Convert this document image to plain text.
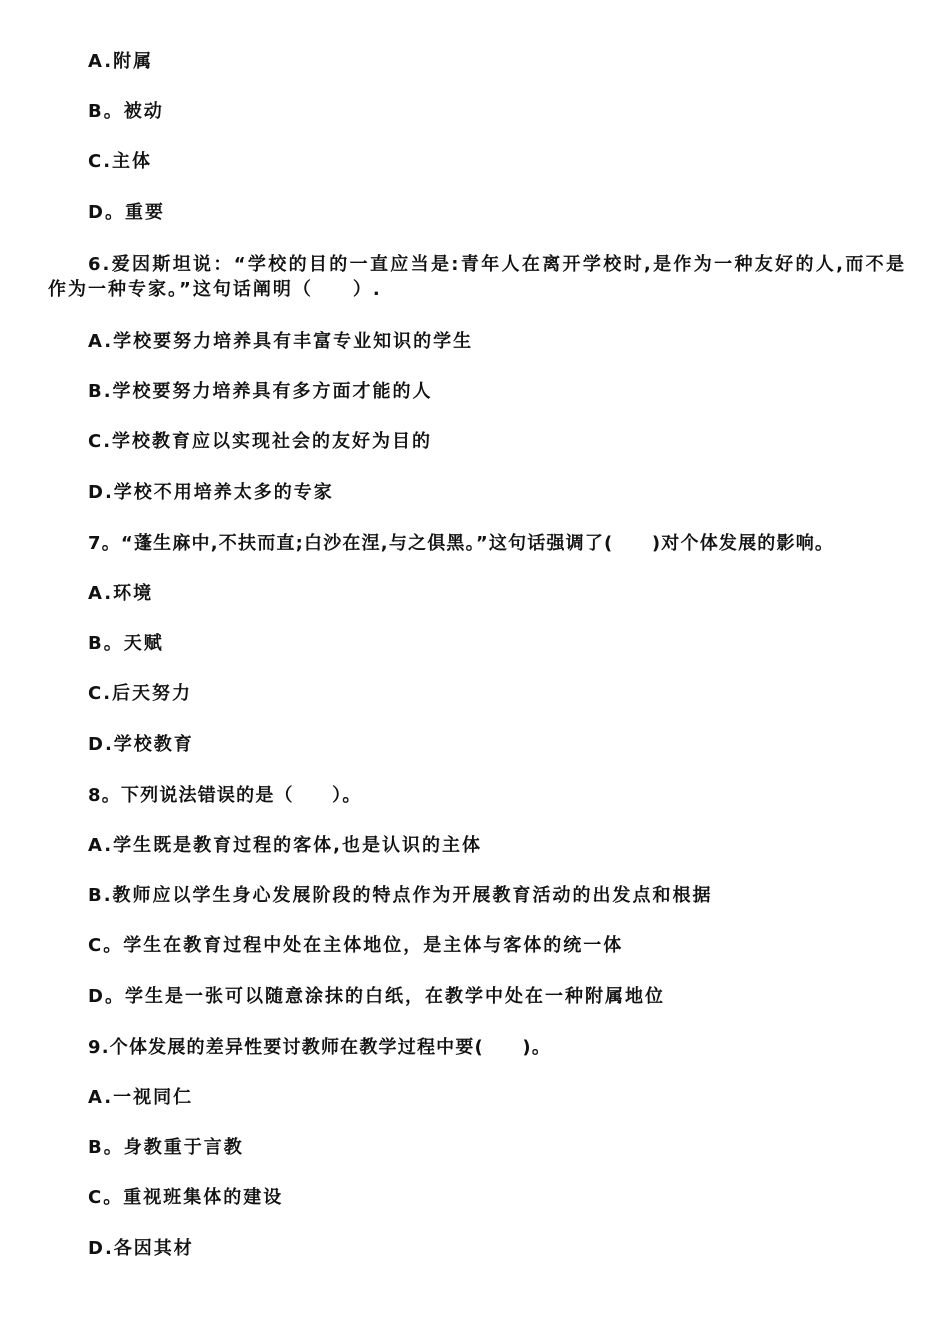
A.附属
B。被动
C.主体
D。重要
6.爱因斯坦说：“学校的目的一直应当是:青年人在离开学校时,是作为一种友好的人,而不是作为一种专家。”这句话阐明（　　）.
A.学校要努力培养具有丰富专业知识的学生
B.学校要努力培养具有多方面才能的人
C.学校教育应以实现社会的友好为目的
D.学校不用培养太多的专家
7。“蓬生麻中,不扶而直;白沙在涅,与之俱黑。”这句话强调了(　　)对个体发展的影响。
A.环境
B。天赋
C.后天努力
D.学校教育
8。下列说法错误的是（　　）。
A.学生既是教育过程的客体,也是认识的主体
B.教师应以学生身心发展阶段的特点作为开展教育活动的出发点和根据
C。学生在教育过程中处在主体地位，是主体与客体的统一体
D。学生是一张可以随意涂抹的白纸，在教学中处在一种附属地位
9.个体发展的差异性要讨教师在教学过程中要(　　)。
A.一视同仁
B。身教重于言教
C。重视班集体的建设
D.各因其材
